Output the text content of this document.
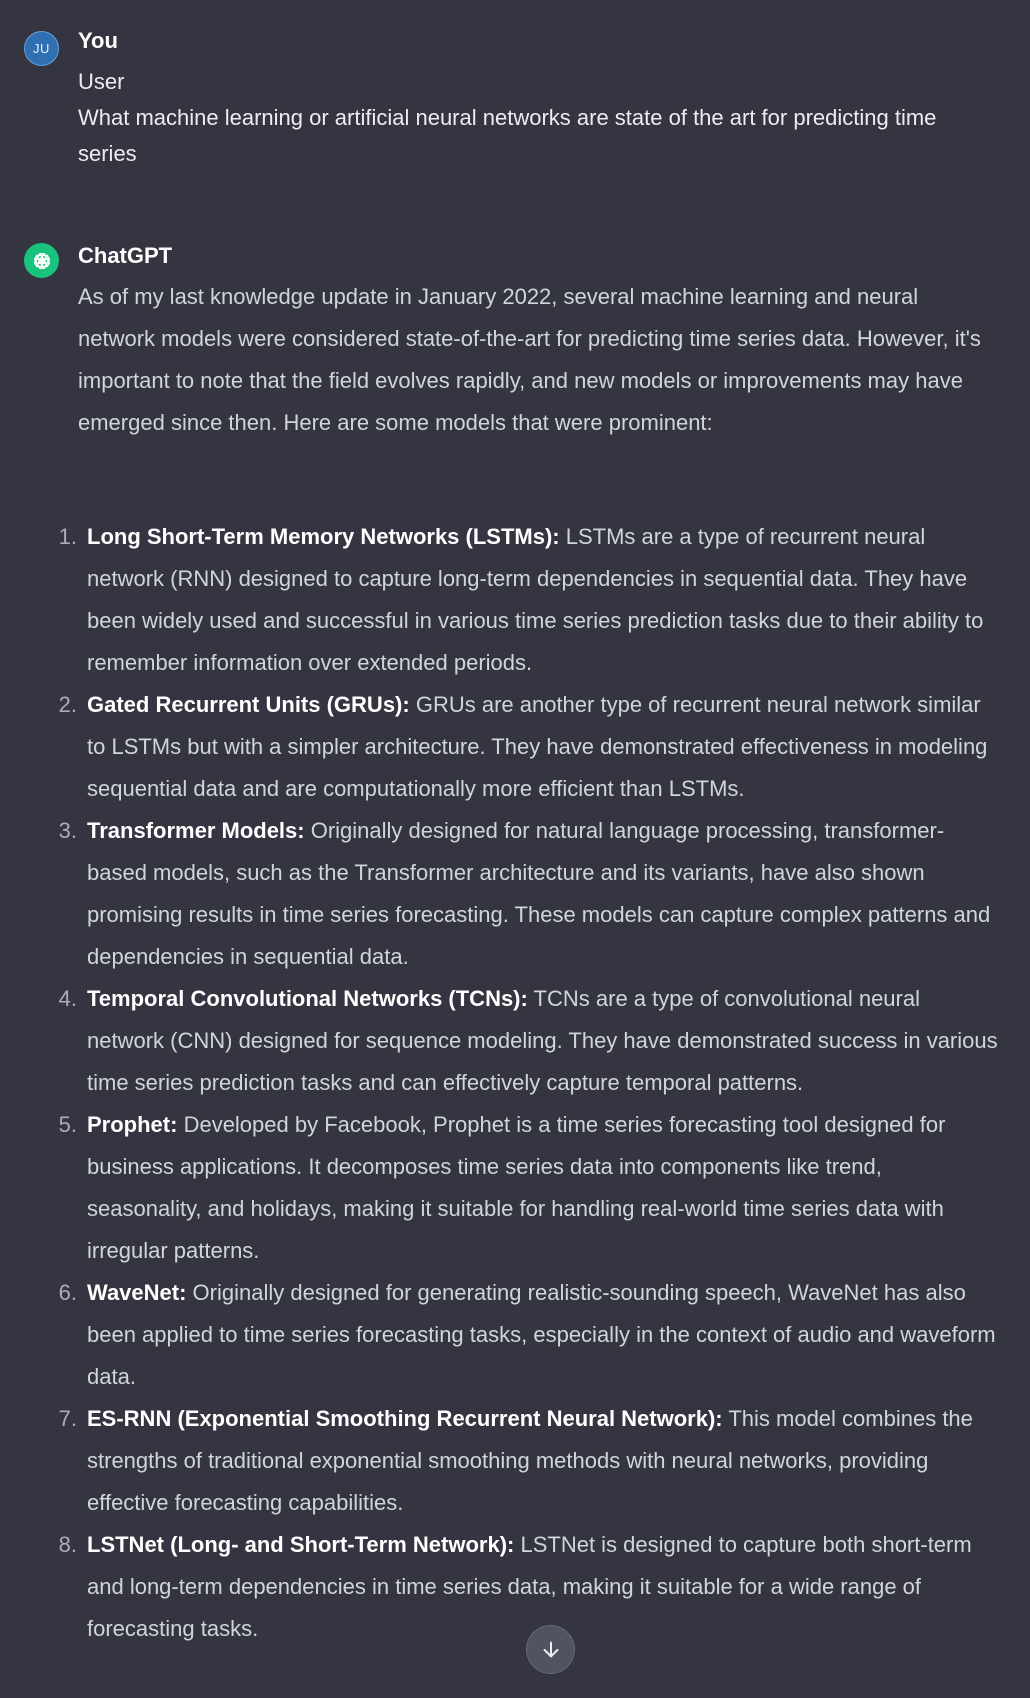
JU You
User
What machine learning or artificial neural networks are state of the art for predicting time series
ChatGPT
As of my last knowledge update in January 2022, several machine learning and neural network models were considered state-of-the-art for predicting time series data. However, it's important to note that the field evolves rapidly, and new models or improvements may have emerged since then. Here are some models that were prominent:
1. Long Short-Term Memory Networks (LSTMs): LSTMs are a type of recurrent neural network (RNN) designed to capture long-term dependencies in sequential data. They have been widely used and successful in various time series prediction tasks due to their ability to remember information over extended periods.
2. Gated Recurrent Units (GRUs): GRUs are another type of recurrent neural network similar to LSTMs but with a simpler architecture. They have demonstrated effectiveness in modeling sequential data and are computationally more efficient than LSTMs.
3. Transformer Models: Originally designed for natural language processing, transformer-based models, such as the Transformer architecture and its variants, have also shown promising results in time series forecasting. These models can capture complex patterns and dependencies in sequential data.
4. Temporal Convolutional Networks (TCNs): TCNs are a type of convolutional neural network (CNN) designed for sequence modeling. They have demonstrated success in various time series prediction tasks and can effectively capture temporal patterns.
5. Prophet: Developed by Facebook, Prophet is a time series forecasting tool designed for business applications. It decomposes time series data into components like trend, seasonality, and holidays, making it suitable for handling real-world time series data with irregular patterns.
6. WaveNet: Originally designed for generating realistic-sounding speech, WaveNet has also been applied to time series forecasting tasks, especially in the context of audio and waveform data.
7. ES-RNN (Exponential Smoothing Recurrent Neural Network): This model combines the strengths of traditional exponential smoothing methods with neural networks, providing effective forecasting capabilities.
8. LSTNet (Long- and Short-Term Network): LSTNet is designed to capture both short-term and long-term dependencies in time series data, making it suitable for a wide range of forecasting tasks.
